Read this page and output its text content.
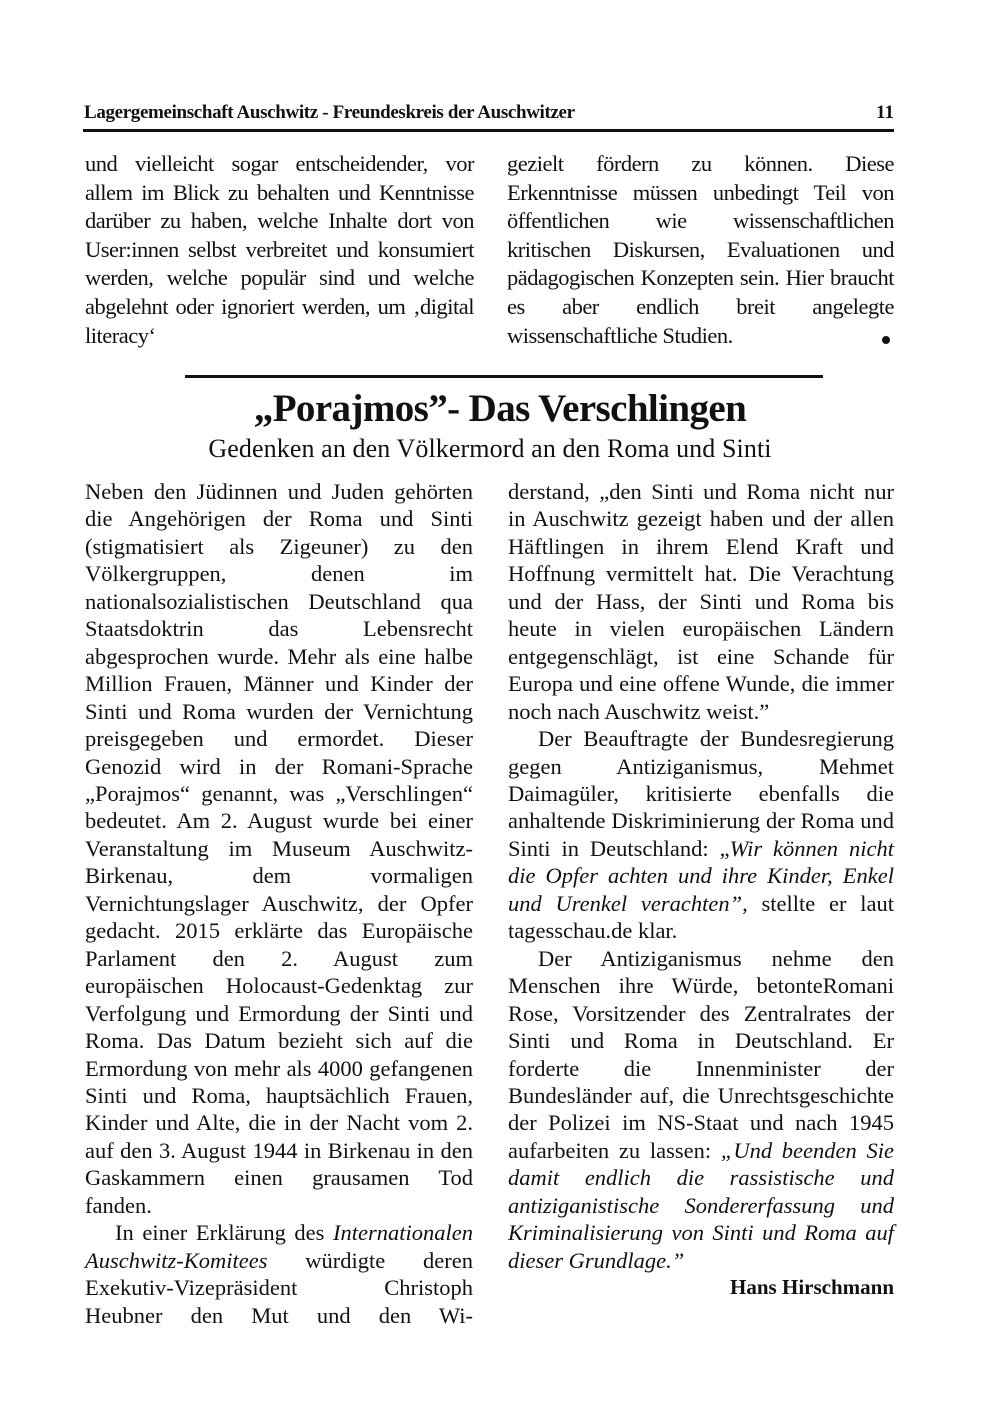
Lagergemeinschaft Auschwitz - Freundeskreis der Auschwitzer	11

und vielleicht sogar entscheidender, vor allem im Blick zu behalten und Kenntnisse darüber zu haben, welche Inhalte dort von User:innen selbst verbreitet und konsumiert werden, welche populär sind und welche abgelehnt oder ignoriert werden, um ‚digital literacy‘

gezielt fördern zu können. Diese Erkenntnisse müssen unbedingt Teil von öffentlichen wie wissenschaftlichen kritischen Diskursen, Evaluationen und pädagogischen Konzepten sein. Hier braucht es aber endlich breit angelegte wissenschaftliche Studien.

„Porajmos”- Das Verschlingen
Gedenken an den Völkermord an den Roma und Sinti

Neben den Jüdinnen und Juden gehörten die Angehörigen der Roma und Sinti (stigmatisiert als Zigeuner) zu den Völkergruppen, denen im nationalsozialistischen Deutschland qua Staatsdoktrin das Lebensrecht abgesprochen wurde. Mehr als eine halbe Million Frauen, Männer und Kinder der Sinti und Roma wurden der Vernichtung preisgegeben und ermordet. Dieser Genozid wird in der Romani-Sprache „Porajmos“ genannt, was „Verschlingen“ bedeutet. Am 2. August wurde bei einer Veranstaltung im Museum Auschwitz-Birkenau, dem vormaligen Vernichtungslager Auschwitz, der Opfer gedacht. 2015 erklärte das Europäische Parlament den 2. August zum europäischen Holocaust-Gedenktag zur Verfolgung und Ermordung der Sinti und Roma. Das Datum bezieht sich auf die Ermordung von mehr als 4000 gefangenen Sinti und Roma, hauptsächlich Frauen, Kinder und Alte, die in der Nacht vom 2. auf den 3. August 1944 in Birkenau in den Gaskammern einen grausamen Tod fanden.

In einer Erklärung des Internationalen Auschwitz-Komitees würdigte deren Exekutiv-Vizepräsident Christoph Heubner den Mut und den Wi-

derstand, „den Sinti und Roma nicht nur in Auschwitz gezeigt haben und der allen Häftlingen in ihrem Elend Kraft und Hoffnung vermittelt hat. Die Verachtung und der Hass, der Sinti und Roma bis heute in vielen europäischen Ländern entgegenschlägt, ist eine Schande für Europa und eine offene Wunde, die immer noch nach Auschwitz weist.”

Der Beauftragte der Bundesregierung gegen Antiziganismus, Mehmet Daimagüler, kritisierte ebenfalls die anhaltende Diskriminierung der Roma und Sinti in Deutschland: „Wir können nicht die Opfer achten und ihre Kinder, Enkel und Urenkel verachten”, stellte er laut tagesschau.de klar.

Der Antiziganismus nehme den Menschen ihre Würde, betonteRomani Rose, Vorsitzender des Zentralrates der Sinti und Roma in Deutschland. Er forderte die Innenminister der Bundesländer auf, die Unrechtsgeschichte der Polizei im NS-Staat und nach 1945 aufarbeiten zu lassen: „Und beenden Sie damit endlich die rassistische und antiziganistische Sondererfassung und Kriminalisierung von Sinti und Roma auf dieser Grundlage.”

Hans Hirschmann
